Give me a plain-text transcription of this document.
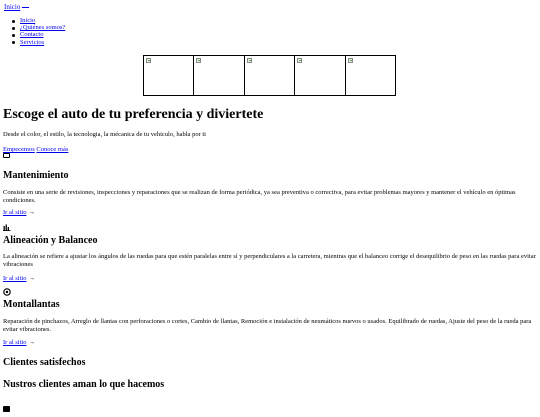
Inicio
Inicio
¿Quiénes somos?
Contacto
Servicios
Escoge el auto de tu preferencia y diviertete

Desde el color, el estilo, la tecnologia, la mécanica de tu vehiculo, habla por ti

Empecemos Conoce más
Mantenimiento

Consiste en una serie de revisiones, inspecciones y reparaciones que se realizan de forma periódica, ya sea preventiva o correctiva, para evitar problemas mayores y mantener el vehículo en óptimas condiciones.

Ir al sitio →
Alineación y Balanceo

La alineación se refiere a ajustar los ángulos de las ruedas para que estén paralelas entre sí y perpendiculares a la carretera, mientras que el balanceo corrige el desequilibrio de peso en las ruedas para evitar vibraciones

Ir al sitio →
Montallantas

Reparación de pinchazos, Arreglo de llantas con perforaciones o cortes, Cambio de llantas, Remoción e instalación de neumáticos nuevos o usados. Equilibrado de ruedas, Ajuste del peso de la rueda para evitar vibraciones.

Ir al sitio →
Clientes satisfechos
Nustros clientes aman lo que hacemos
